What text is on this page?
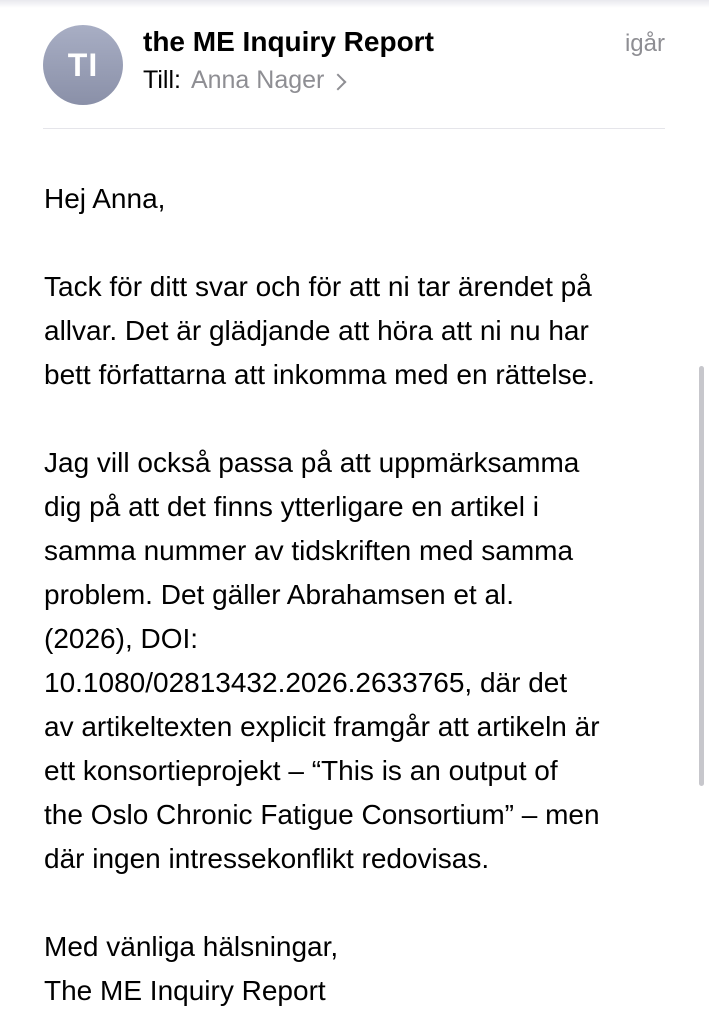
TI
the ME Inquiry Report	igår
Till: Anna Nager

Hej Anna,

Tack för ditt svar och för att ni tar ärendet på
allvar. Det är glädjande att höra att ni nu har
bett författarna att inkomma med en rättelse.

Jag vill också passa på att uppmärksamma
dig på att det finns ytterligare en artikel i
samma nummer av tidskriften med samma
problem. Det gäller Abrahamsen et al.
(2026), DOI:
10.1080/02813432.2026.2633765, där det
av artikeltexten explicit framgår att artikeln är
ett konsortieprojekt – “This is an output of
the Oslo Chronic Fatigue Consortium” – men
där ingen intressekonflikt redovisas.

Med vänliga hälsningar,

The ME Inquiry Report
